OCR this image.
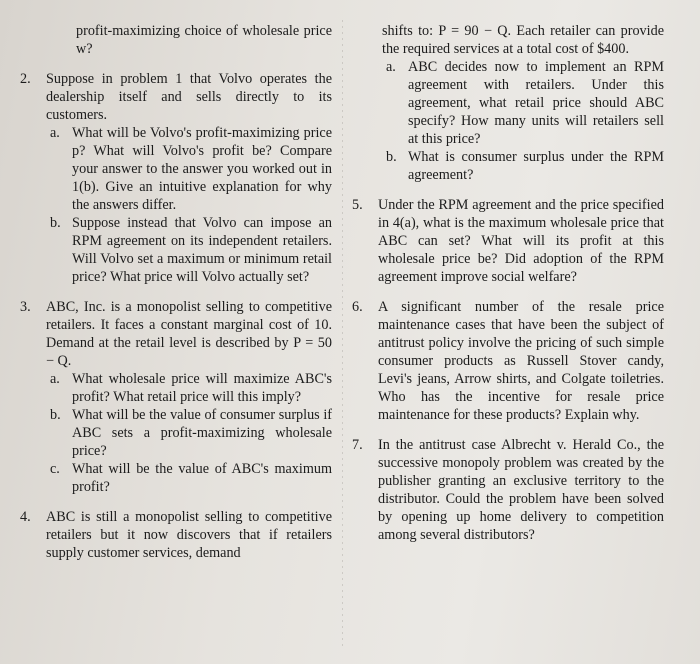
profit-maximizing choice of wholesale price w?

2.	Suppose in problem 1 that Volvo operates the dealership itself and sells directly to its customers.

a. What will be Volvo's profit-maximizing price p? What will Volvo's profit be? Compare your answer to the answer you worked out in 1(b). Give an intuitive explanation for why the answers differ.

b. Suppose instead that Volvo can impose an RPM agreement on its independent retailers. Will Volvo set a maximum or minimum retail price? What price will Volvo actually set?

3.	ABC, Inc. is a monopolist selling to competitive retailers. It faces a constant marginal cost of 10. Demand at the retail level is described by P = 50 − Q.

a. What wholesale price will maximize ABC's profit? What retail price will this imply?

b. What will be the value of consumer surplus if ABC sets a profit-maximizing wholesale price?

c. What will be the value of ABC's maximum profit?

4.	ABC is still a monopolist selling to competitive retailers but it now discovers that if retailers supply customer services, demand

shifts to: P = 90 − Q. Each retailer can provide the required services at a total cost of $400.

a. ABC decides now to implement an RPM agreement with retailers. Under this agreement, what retail price should ABC specify? How many units will retailers sell at this price?

b. What is consumer surplus under the RPM agreement?

5.	Under the RPM agreement and the price specified in 4(a), what is the maximum wholesale price that ABC can set? What will its profit at this wholesale price be? Did adoption of the RPM agreement improve social welfare?

6.	A significant number of the resale price maintenance cases that have been the subject of antitrust policy involve the pricing of such simple consumer products as Russell Stover candy, Levi's jeans, Arrow shirts, and Colgate toiletries. Who has the incentive for resale price maintenance for these products? Explain why.

7.	In the antitrust case Albrecht v. Herald Co., the successive monopoly problem was created by the publisher granting an exclusive territory to the distributor. Could the problem have been solved by opening up home delivery to competition among several distributors?
